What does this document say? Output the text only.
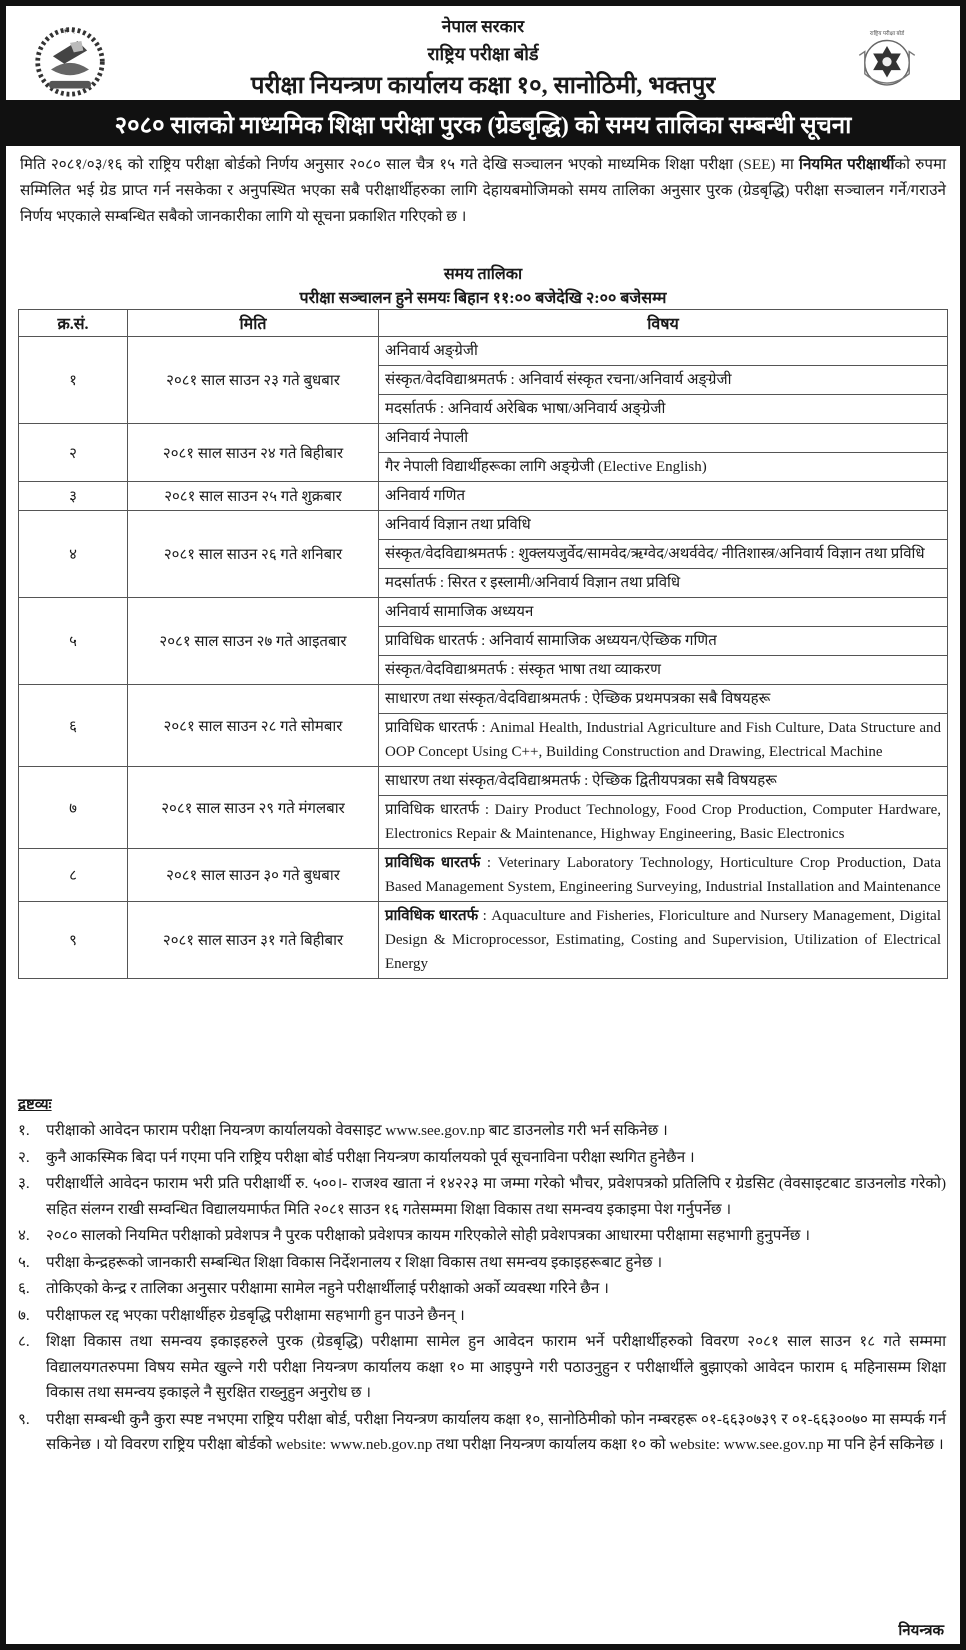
☀ ☾	नेपाल सरकार
राष्ट्रिय परीक्षा बोर्ड
परीक्षा नियन्त्रण कार्यालय कक्षा १०, सानोठिमी, भक्तपुर
राष्ट्रिय परीक्षा बोर्ड
२०८० सालको माध्यमिक शिक्षा परीक्षा पुरक (ग्रेडबृद्धि) को समय तालिका सम्बन्धी सूचना
मिति २०८१/०३/१६ को राष्ट्रिय परीक्षा बोर्डको निर्णय अनुसार २०८० साल चैत्र १५ गते देखि सञ्चालन भएको माध्यमिक शिक्षा परीक्षा (SEE) मा नियमित परीक्षार्थीको रुपमा सम्मिलित भई ग्रेड प्राप्त गर्न नसकेका र अनुपस्थित भएका सबै परीक्षार्थीहरुका लागि देहायबमोजिमको समय तालिका अनुसार पुरक (ग्रेडबृद्धि) परीक्षा सञ्चालन गर्ने/गराउने निर्णय भएकाले सम्बन्धित सबैको जानकारीका लागि यो सूचना प्रकाशित गरिएको छ ।
समय तालिका
परीक्षा सञ्चालन हुने समयः बिहान ११:०० बजेदेखि २:०० बजेसम्म
क्र.सं.	मिति	विषय
१	२०८१ साल साउन २३ गते बुधबार	अनिवार्य अङ्ग्रेजी
संस्कृत/वेदविद्याश्रमतर्फ : अनिवार्य संस्कृत रचना/अनिवार्य अङ्ग्रेजी
मदर्सातर्फ : अनिवार्य अरेबिक भाषा/अनिवार्य अङ्ग्रेजी

२	२०८१ साल साउन २४ गते बिहीबार	अनिवार्य नेपाली
गैर नेपाली विद्यार्थीहरूका लागि अङ्ग्रेजी (Elective English)

३	२०८१ साल साउन २५ गते शुक्रबार	अनिवार्य गणित

४	२०८१ साल साउन २६ गते शनिबार	अनिवार्य विज्ञान तथा प्रविधि
संस्कृत/वेदविद्याश्रमतर्फ : शुक्लयजुर्वेद/सामवेद/ऋग्वेद/अथर्ववेद/ नीतिशास्त्र/अनिवार्य विज्ञान तथा प्रविधि
मदर्सातर्फ : सिरत र इस्लामी/अनिवार्य विज्ञान तथा प्रविधि

५	२०८१ साल साउन २७ गते आइतबार	अनिवार्य सामाजिक अध्ययन
प्राविधिक धारतर्फ : अनिवार्य सामाजिक अध्ययन/ऐच्छिक गणित
संस्कृत/वेदविद्याश्रमतर्फ : संस्कृत भाषा तथा व्याकरण

६	२०८१ साल साउन २८ गते सोमबार	साधारण तथा संस्कृत/वेदविद्याश्रमतर्फ : ऐच्छिक प्रथमपत्रका सबै विषयहरू
प्राविधिक धारतर्फ : Animal Health, Industrial Agriculture and Fish Culture, Data Structure and OOP Concept Using C++, Building Construction and Drawing, Electrical Machine

७	२०८१ साल साउन २९ गते मंगलबार	साधारण तथा संस्कृत/वेदविद्याश्रमतर्फ : ऐच्छिक द्वितीयपत्रका सबै विषयहरू
प्राविधिक धारतर्फ : Dairy Product Technology, Food Crop Production, Computer Hardware, Electronics Repair & Maintenance, Highway Engineering, Basic Electronics

८	२०८१ साल साउन ३० गते बुधबार	प्राविधिक धारतर्फ : Veterinary Laboratory Technology, Horticulture Crop Production, Data Based Management System, Engineering Surveying, Industrial Installation and Maintenance

९	२०८१ साल साउन ३१ गते बिहीबार	प्राविधिक धारतर्फ : Aquaculture and Fisheries, Floriculture and Nursery Management, Digital Design & Microprocessor, Estimating, Costing and Supervision, Utilization of Electrical Energy
द्रष्टव्यः
१. परीक्षाको आवेदन फाराम परीक्षा नियन्त्रण कार्यालयको वेवसाइट www.see.gov.np बाट डाउनलोड गरी भर्न सकिनेछ ।
२. कुनै आकस्मिक बिदा पर्न गएमा पनि राष्ट्रिय परीक्षा बोर्ड परीक्षा नियन्त्रण कार्यालयको पूर्व सूचनाविना परीक्षा स्थगित हुनेछैन ।
३. परीक्षार्थीले आवेदन फाराम भरी प्रति परीक्षार्थी रु. ५००।- राजश्व खाता नं १४२२३ मा जम्मा गरेको भौचर, प्रवेशपत्रको प्रतिलिपि र ग्रेडसिट (वेवसाइटबाट डाउनलोड गरेको) सहित संलग्न राखी सम्वन्धित विद्यालयमार्फत मिति २०८१ साउन १६ गतेसम्ममा शिक्षा विकास तथा समन्वय इकाइमा पेश गर्नुपर्नेछ ।
४. २०८० सालको नियमित परीक्षाको प्रवेशपत्र नै पुरक परीक्षाको प्रवेशपत्र कायम गरिएकोले सोही प्रवेशपत्रका आधारमा परीक्षामा सहभागी हुनुपर्नेछ ।
५. परीक्षा केन्द्रहरूको जानकारी सम्बन्धित शिक्षा विकास निर्देशनालय र शिक्षा विकास तथा समन्वय इकाइहरूबाट हुनेछ ।
६. तोकिएको केन्द्र र तालिका अनुसार परीक्षामा सामेल नहुने परीक्षार्थीलाई परीक्षाको अर्को व्यवस्था गरिने छैन ।
७. परीक्षाफल रद्द भएका परीक्षार्थीहरु ग्रेडबृद्धि परीक्षामा सहभागी हुन पाउने छैनन् ।
८. शिक्षा विकास तथा समन्वय इकाइहरुले पुरक (ग्रेडबृद्धि) परीक्षामा सामेल हुन आवेदन फाराम भर्ने परीक्षार्थीहरुको विवरण २०८१ साल साउन १८ गते सम्ममा विद्यालयगतरुपमा विषय समेत खुल्ने गरी परीक्षा नियन्त्रण कार्यालय कक्षा १० मा आइपुग्ने गरी पठाउनुहुन र परीक्षार्थीले बुझाएको आवेदन फाराम ६ महिनासम्म शिक्षा विकास तथा समन्वय इकाइले नै सुरक्षित राख्नुहुन अनुरोध छ ।
९. परीक्षा सम्बन्धी कुनै कुरा स्पष्ट नभएमा राष्ट्रिय परीक्षा बोर्ड, परीक्षा नियन्त्रण कार्यालय कक्षा १०, सानोठिमीको फोन नम्बरहरू ०१-६६३०७३९ र ०१-६६३००७० मा सम्पर्क गर्न सकिनेछ । यो विवरण राष्ट्रिय परीक्षा बोर्डको website: www.neb.gov.np तथा परीक्षा नियन्त्रण कार्यालय कक्षा १० को website: www.see.gov.np मा पनि हेर्न सकिनेछ ।
नियन्त्रक
